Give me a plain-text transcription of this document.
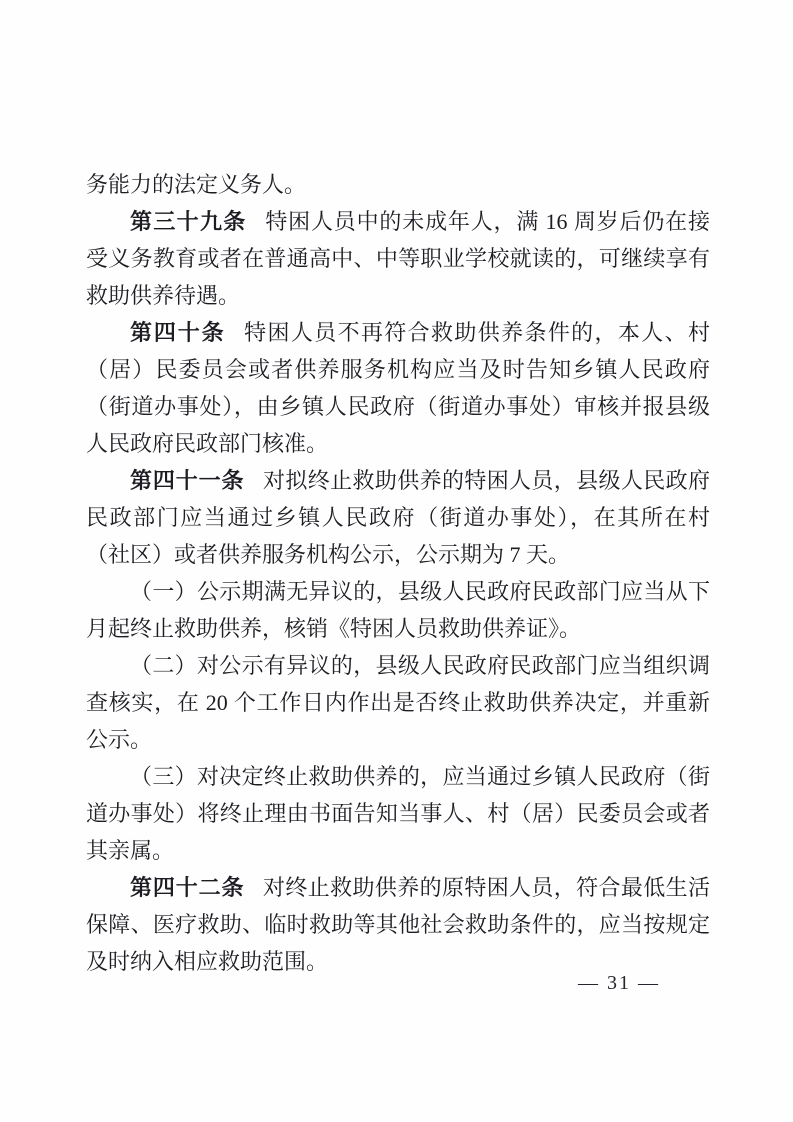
务能力的法定义务人。

第三十九条 特困人员中的未成年人，满 16 周岁后仍在接受义务教育或者在普通高中、中等职业学校就读的，可继续享有救助供养待遇。

第四十条 特困人员不再符合救助供养条件的，本人、村（居）民委员会或者供养服务机构应当及时告知乡镇人民政府（街道办事处），由乡镇人民政府（街道办事处）审核并报县级人民政府民政部门核准。

第四十一条 对拟终止救助供养的特困人员，县级人民政府民政部门应当通过乡镇人民政府（街道办事处），在其所在村（社区）或者供养服务机构公示，公示期为 7 天。

（一）公示期满无异议的，县级人民政府民政部门应当从下月起终止救助供养，核销《特困人员救助供养证》。

（二）对公示有异议的，县级人民政府民政部门应当组织调查核实，在 20 个工作日内作出是否终止救助供养决定，并重新公示。

（三）对决定终止救助供养的，应当通过乡镇人民政府（街道办事处）将终止理由书面告知当事人、村（居）民委员会或者其亲属。

第四十二条 对终止救助供养的原特困人员，符合最低生活保障、医疗救助、临时救助等其他社会救助条件的，应当按规定及时纳入相应救助范围。

— 31 —
